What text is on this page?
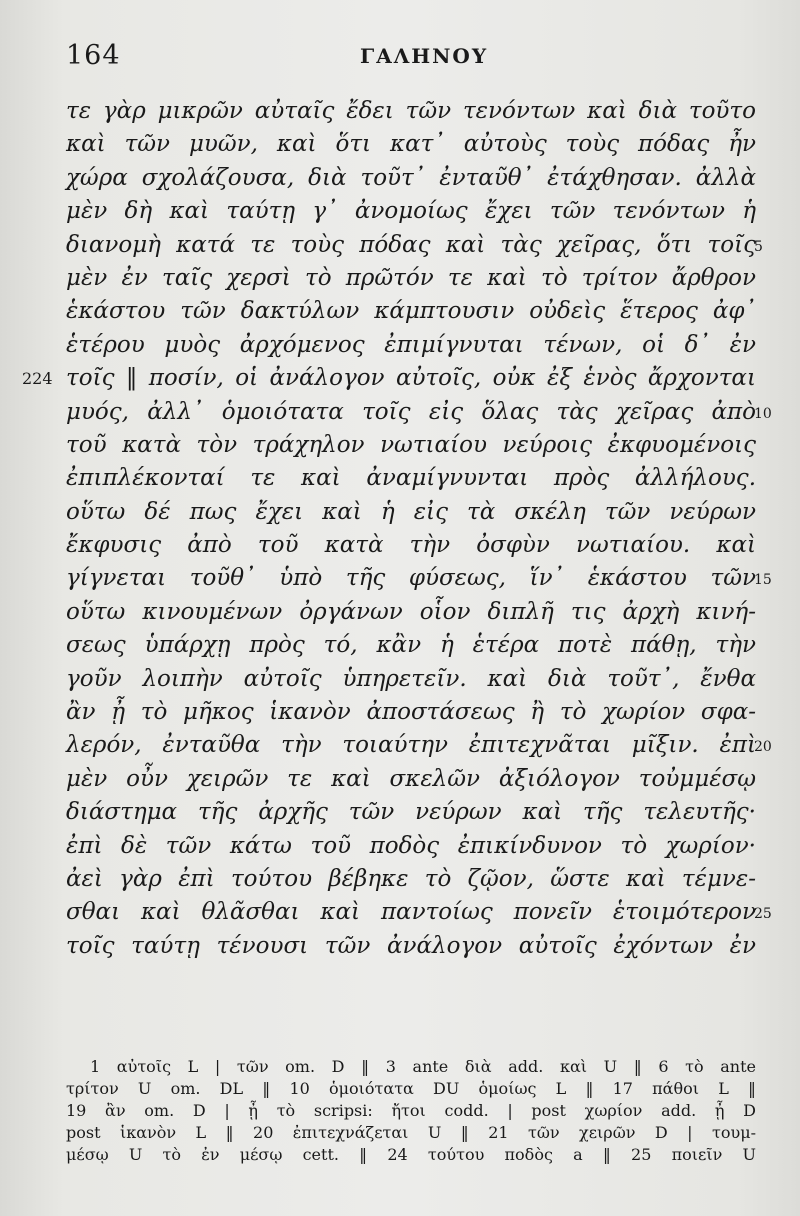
164	ΓΑΛΗΝΟΥ
τε γὰρ μικρῶν αὐταῖς ἔδει τῶν τενόντων καὶ διὰ τοῦτο
καὶ τῶν μυῶν, καὶ ὅτι κατ᾽ αὐτοὺς τοὺς πόδας ἦν
χώρα σχολάζουσα, διὰ τοῦτ᾽ ἐνταῦθ᾽ ἐτάχθησαν. ἀλλὰ
μὲν δὴ καὶ ταύτῃ γ᾽ ἀνομοίως ἔχει τῶν τενόντων ἡ
διανομὴ κατά τε τοὺς πόδας καὶ τὰς χεῖρας, ὅτι τοῖς
5
μὲν ἐν ταῖς χερσὶ τὸ πρῶτόν τε καὶ τὸ τρίτον ἄρθρον
ἑκάστου τῶν δακτύλων κάμπτουσιν οὐδεὶς ἕτερος ἀφ᾽
ἑτέρου μυὸς ἀρχόμενος ἐπιμίγνυται τένων, οἱ δ᾽ ἐν
τοῖς ‖ ποσίν, οἱ ἀνάλογον αὐτοῖς, οὐκ ἐξ ἑνὸς ἄρχονται
224
μυός, ἀλλ᾽ ὁμοιότατα τοῖς εἰς ὅλας τὰς χεῖρας ἀπὸ
10
τοῦ κατὰ τὸν τράχηλον νωτιαίου νεύροις ἐκφυομένοις
ἐπιπλέκονταί τε καὶ ἀναμίγνυνται πρὸς ἀλλήλους.
οὕτω δέ πως ἔχει καὶ ἡ εἰς τὰ σκέλη τῶν νεύρων
ἔκφυσις ἀπὸ τοῦ κατὰ τὴν ὀσφὺν νωτιαίου. καὶ
γίγνεται τοῦθ᾽ ὑπὸ τῆς φύσεως, ἵν᾽ ἑκάστου τῶν
15
οὕτω κινουμένων ὀργάνων οἷον διπλῆ τις ἀρχὴ κινή-
σεως ὑπάρχῃ πρὸς τό, κἂν ἡ ἑτέρα ποτὲ πάθῃ, τὴν
γοῦν λοιπὴν αὐτοῖς ὑπηρετεῖν. καὶ διὰ τοῦτ᾽, ἔνθα
ἂν ᾖ τὸ μῆκος ἱκανὸν ἀποστάσεως ἢ τὸ χωρίον σφα-
λερόν, ἐνταῦθα τὴν τοιαύτην ἐπιτεχνᾶται μῖξιν. ἐπὶ
20
μὲν οὖν χειρῶν τε καὶ σκελῶν ἀξιόλογον τοὐμμέσῳ
διάστημα τῆς ἀρχῆς τῶν νεύρων καὶ τῆς τελευτῆς·
ἐπὶ δὲ τῶν κάτω τοῦ ποδὸς ἐπικίνδυνον τὸ χωρίον·
ἀεὶ γὰρ ἐπὶ τούτου βέβηκε τὸ ζῷον, ὥστε καὶ τέμνε-
σθαι καὶ θλᾶσθαι καὶ παντοίως πονεῖν ἑτοιμότερον
25
τοῖς ταύτῃ τένουσι τῶν ἀνάλογον αὐτοῖς ἐχόντων ἐν
1 αὐτοῖς L | τῶν om. D ‖ 3 ante διὰ add. καὶ U ‖ 6 τὸ ante
τρίτον U om. DL ‖ 10 ὁμοιότατα DU ὁμοίως L ‖ 17 πάθοι L ‖
19 ἂν om. D | ᾖ τὸ scripsi: ἤτοι codd. | post χωρίον add. ᾖ D
post ἱκανὸν L ‖ 20 ἐπιτεχνάζεται U ‖ 21 τῶν χειρῶν D | τουμ-
μέσῳ U τὸ ἐν μέσῳ cett. ‖ 24 τούτου ποδὸς a ‖ 25 ποιεῖν U
